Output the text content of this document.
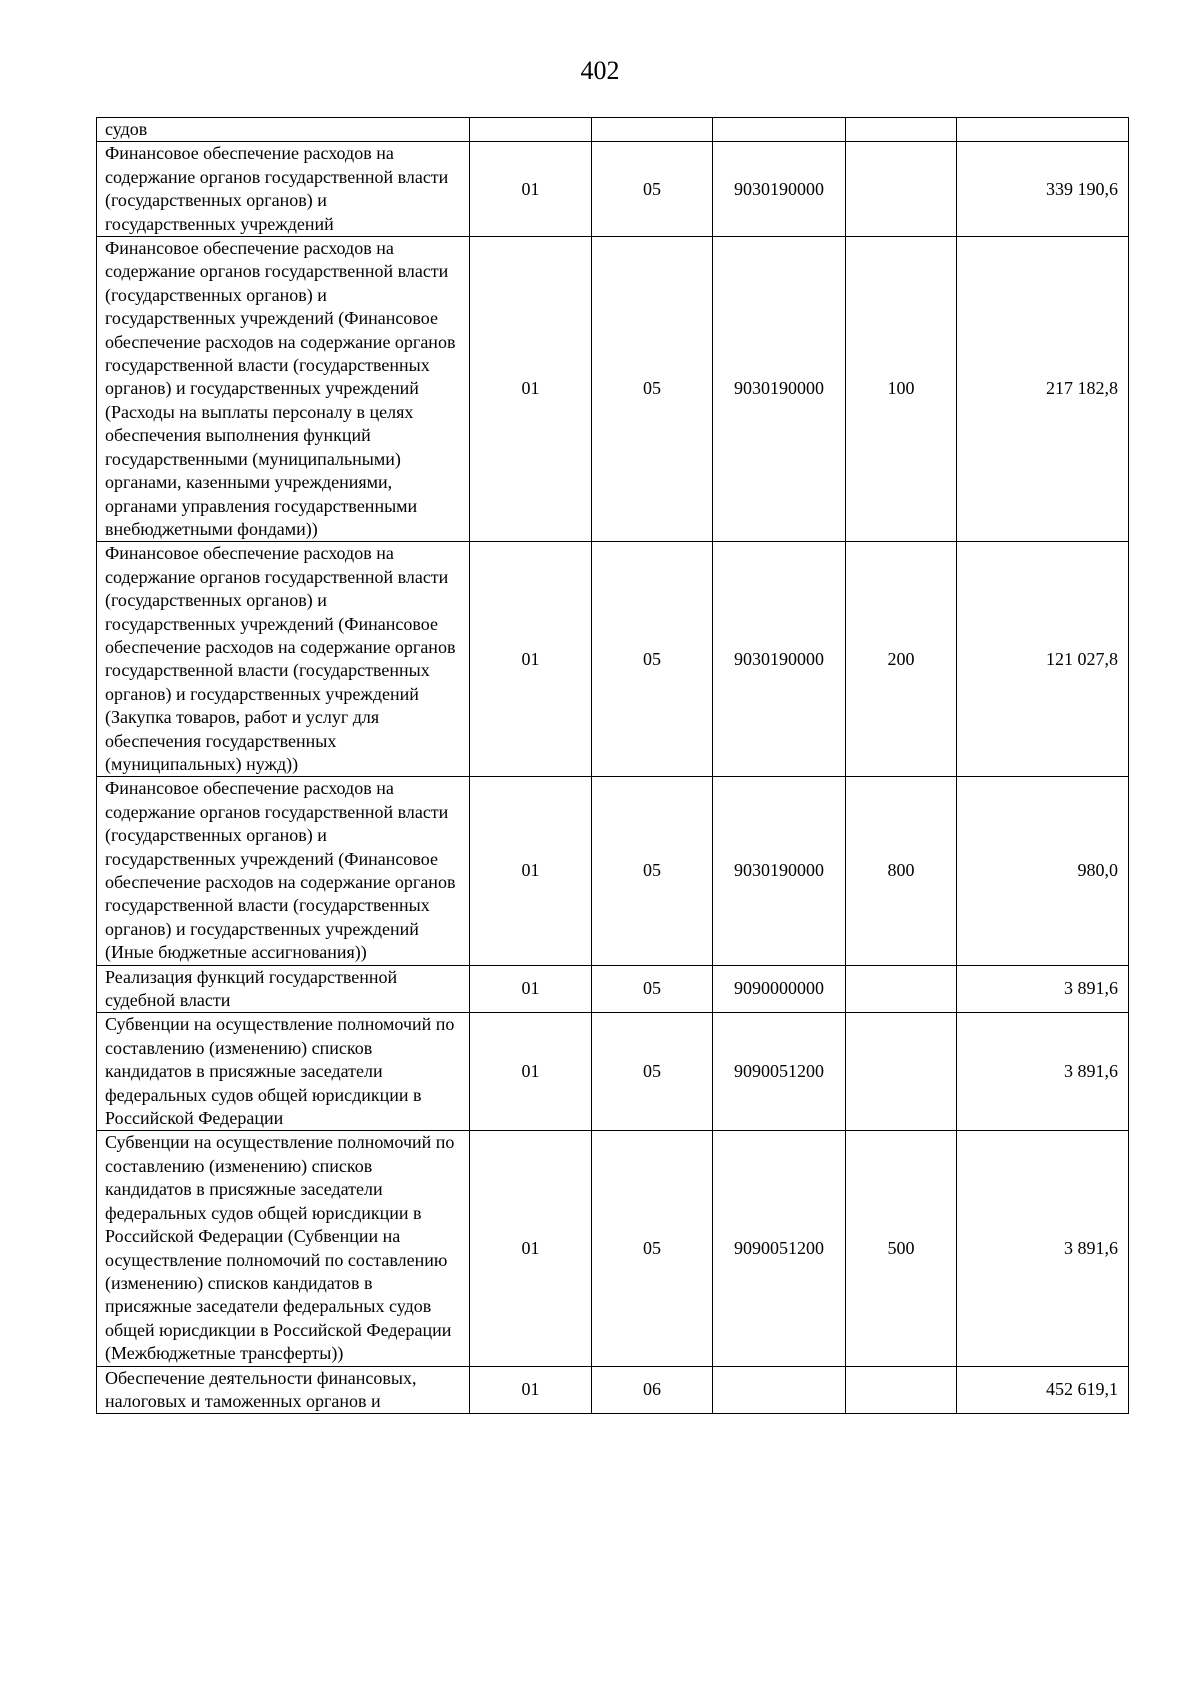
402
судов					
Финансовое обеспечение расходов на содержание органов государственной власти (государственных органов) и государственных учреждений	01	05	9030190000		339 190,6
Финансовое обеспечение расходов на содержание органов государственной власти (государственных органов) и государственных учреждений (Финансовое обеспечение расходов на содержание органов государственной власти (государственных органов) и государственных учреждений (Расходы на выплаты персоналу в целях обеспечения выполнения функций государственными (муниципальными) органами, казенными учреждениями, органами управления государственными внебюджетными фондами))	01	05	9030190000	100	217 182,8
Финансовое обеспечение расходов на содержание органов государственной власти (государственных органов) и государственных учреждений (Финансовое обеспечение расходов на содержание органов государственной власти (государственных органов) и государственных учреждений (Закупка товаров, работ и услуг для обеспечения государственных (муниципальных) нужд))	01	05	9030190000	200	121 027,8
Финансовое обеспечение расходов на содержание органов государственной власти (государственных органов) и государственных учреждений (Финансовое обеспечение расходов на содержание органов государственной власти (государственных органов) и государственных учреждений (Иные бюджетные ассигнования))	01	05	9030190000	800	980,0
Реализация функций государственной судебной власти	01	05	9090000000		3 891,6
Субвенции на осуществление полномочий по составлению (изменению) списков кандидатов в присяжные заседатели федеральных судов общей юрисдикции в Российской Федерации	01	05	9090051200		3 891,6
Субвенции на осуществление полномочий по составлению (изменению) списков кандидатов в присяжные заседатели федеральных судов общей юрисдикции в Российской Федерации (Субвенции на осуществление полномочий по составлению (изменению) списков кандидатов в присяжные заседатели федеральных судов общей юрисдикции в Российской Федерации (Межбюджетные трансферты))	01	05	9090051200	500	3 891,6
Обеспечение деятельности финансовых, налоговых и таможенных органов и	01	06			452 619,1
